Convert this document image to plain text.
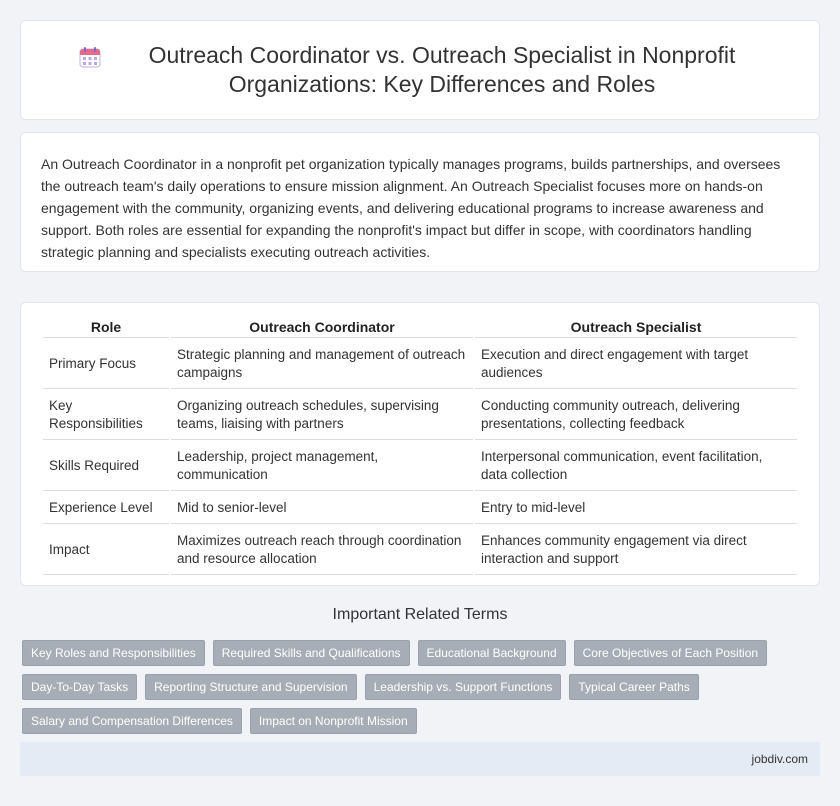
Outreach Coordinator vs. Outreach Specialist in Nonprofit Organizations: Key Differences and Roles

An Outreach Coordinator in a nonprofit pet organization typically manages programs, builds partnerships, and oversees the outreach team's daily operations to ensure mission alignment. An Outreach Specialist focuses more on hands-on engagement with the community, organizing events, and delivering educational programs to increase awareness and support. Both roles are essential for expanding the nonprofit's impact but differ in scope, with coordinators handling strategic planning and specialists executing outreach activities.

Role	Outreach Coordinator	Outreach Specialist
Primary Focus	Strategic planning and management of outreach campaigns	Execution and direct engagement with target audiences
Key Responsibilities	Organizing outreach schedules, supervising teams, liaising with partners	Conducting community outreach, delivering presentations, collecting feedback
Skills Required	Leadership, project management, communication	Interpersonal communication, event facilitation, data collection
Experience Level	Mid to senior-level	Entry to mid-level
Impact	Maximizes outreach reach through coordination and resource allocation	Enhances community engagement via direct interaction and support
Important Related Terms
Key Roles and Responsibilities	Required Skills and Qualifications	Educational Background	Core Objectives of Each Position
Day-To-Day Tasks	Reporting Structure and Supervision	Leadership vs. Support Functions	Typical Career Paths
Salary and Compensation Differences	Impact on Nonprofit Mission
jobdiv.com
